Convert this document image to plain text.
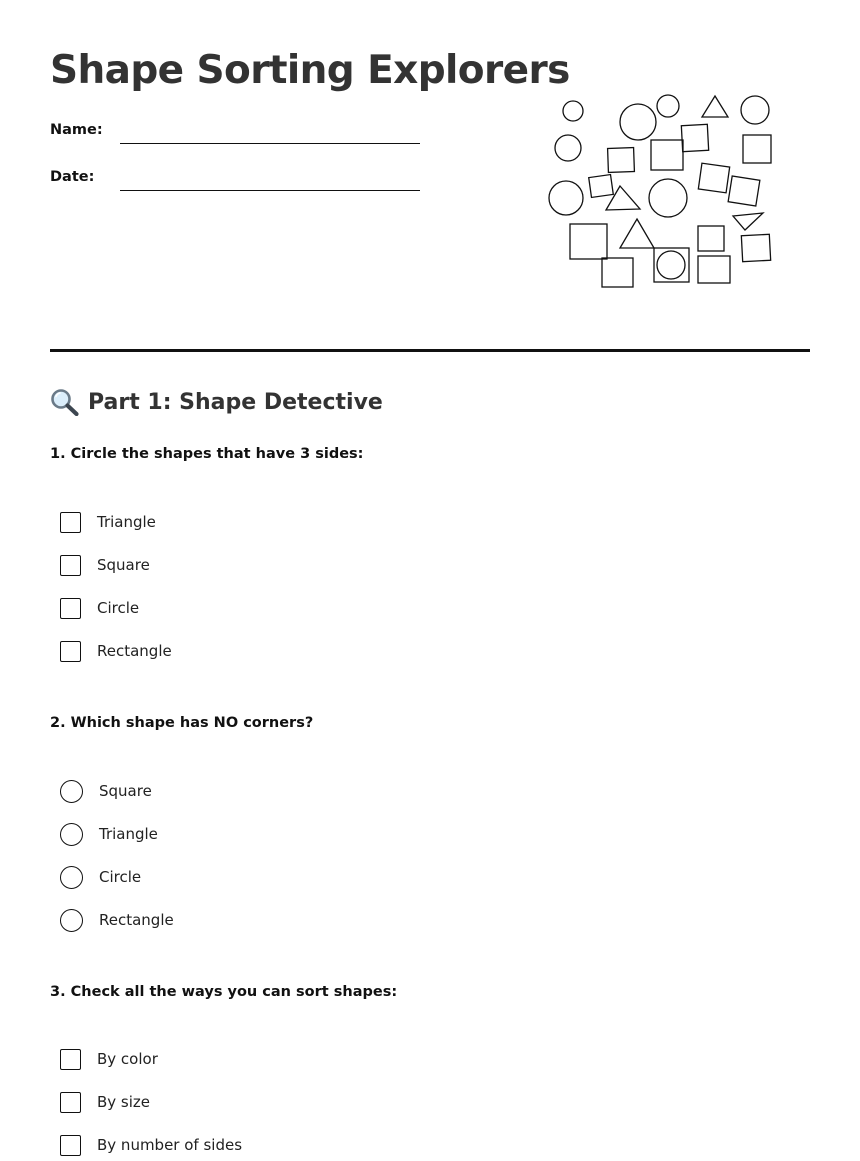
Shape Sorting Explorers
Name:
Date:
Part 1: Shape Detective

1. Circle the shapes that have 3 sides:

Triangle
Square
Circle
Rectangle

2. Which shape has NO corners?

Square
Triangle
Circle
Rectangle

3. Check all the ways you can sort shapes:

By color
By size
By number of sides
